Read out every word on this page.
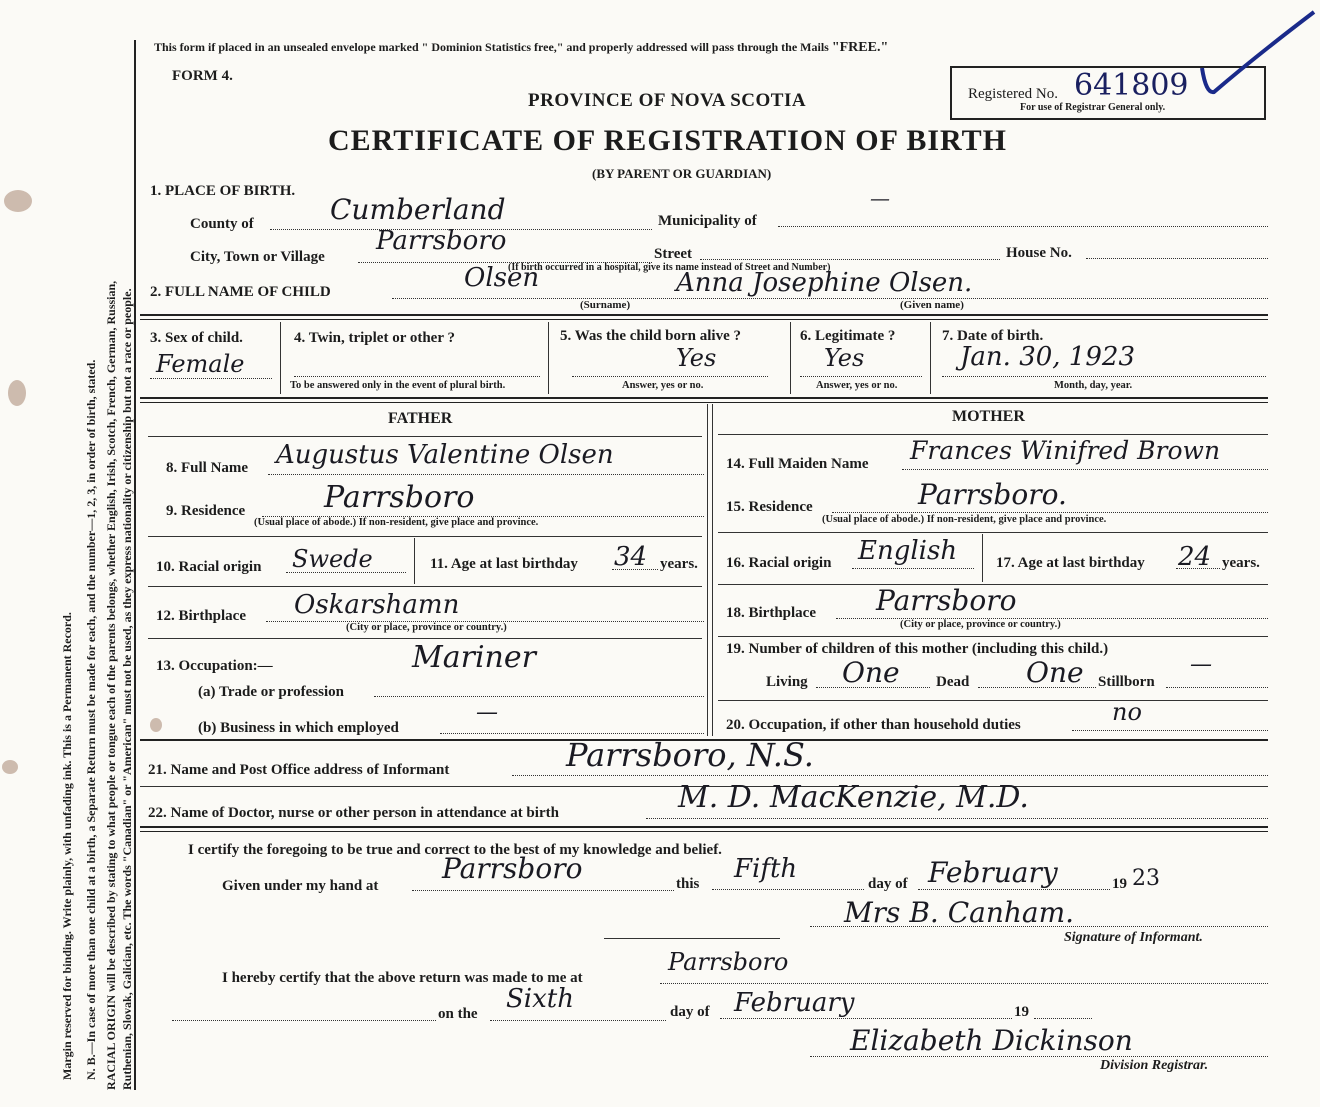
Margin reserved for binding. Write plainly, with unfading ink. This is a Permanent Record. N. B.—In case of more than one child at a birth, a Separate Return must be made for each, and the number—1, 2, 3, in order of birth, stated. RACIAL ORIGIN will be described by stating to what people or tongue each of the parents belongs, whether English, Irish, Scotch, French, German, Russian, Ruthenian, Slovak, Galician, etc. The words "Canadian" or "American" must not be used, as they express nationality or citizenship but not a race or people.
This form if placed in an unsealed envelope marked " Dominion Statistics free," and properly addressed will pass through the Mails "FREE."
FORM 4.
PROVINCE OF NOVA SCOTIA
CERTIFICATE OF REGISTRATION OF BIRTH
(BY PARENT OR GUARDIAN)
Registered No. 641809
For use of Registrar General only.
1. PLACE OF BIRTH.
County of	Cumberland	Municipality of
—
City, Town or Village
Parrsboro	Street	House No.
(If birth occurred in a hospital, give its name instead of Street and Number)
2. FULL NAME OF CHILD	Olsen
(Surname)
Anna Josephine Olsen.
(Given name)
3. Sex of child.
Female
4. Twin, triplet or other ?
To be answered only in the event of plural birth.
5. Was the child born alive ?
Yes
Answer, yes or no.
6. Legitimate ?
Yes
Answer, yes or no.
7. Date of birth.
Jan. 30, 1923
Month, day, year.
FATHER
8. Full Name Augustus Valentine Olsen
9. Residence	Parrsboro
(Usual place of abode.) If non-resident, give place and province.
10. Racial origin Swede	11. Age at last birthday 34 years.
12. Birthplace Oskarshamn
(City or place, province or country.)
13. Occupation:—	Mariner
(a) Trade or profession
(b) Business in which employed
—
MOTHER
14. Full Maiden Name Frances Winifred Brown
15. Residence	Parrsboro.
(Usual place of abode.) If non-resident, give place and province.
16. Racial origin English	17. Age at last birthday 24 years.
18. Birthplace Parrsboro
(City or place, province or country.)
19. Number of children of this mother (including this child.)
Living One Dead One Stillborn
—
20. Occupation, if other than household duties	no
21. Name and Post Office address of Informant	Parrsboro, N.S.
22. Name of Doctor, nurse or other person in attendance at birth	M. D. MacKenzie, M.D.
I certify the foregoing to be true and correct to the best of my knowledge and belief.
Given under my hand at
Parrsboro	this Fifth	day of February	19 23
Mrs B. Canham.
Signature of Informant.
I hereby certify that the above return was made to me at
Parrsboro
on the Sixth	day of February	19
Elizabeth Dickinson
Division Registrar.
